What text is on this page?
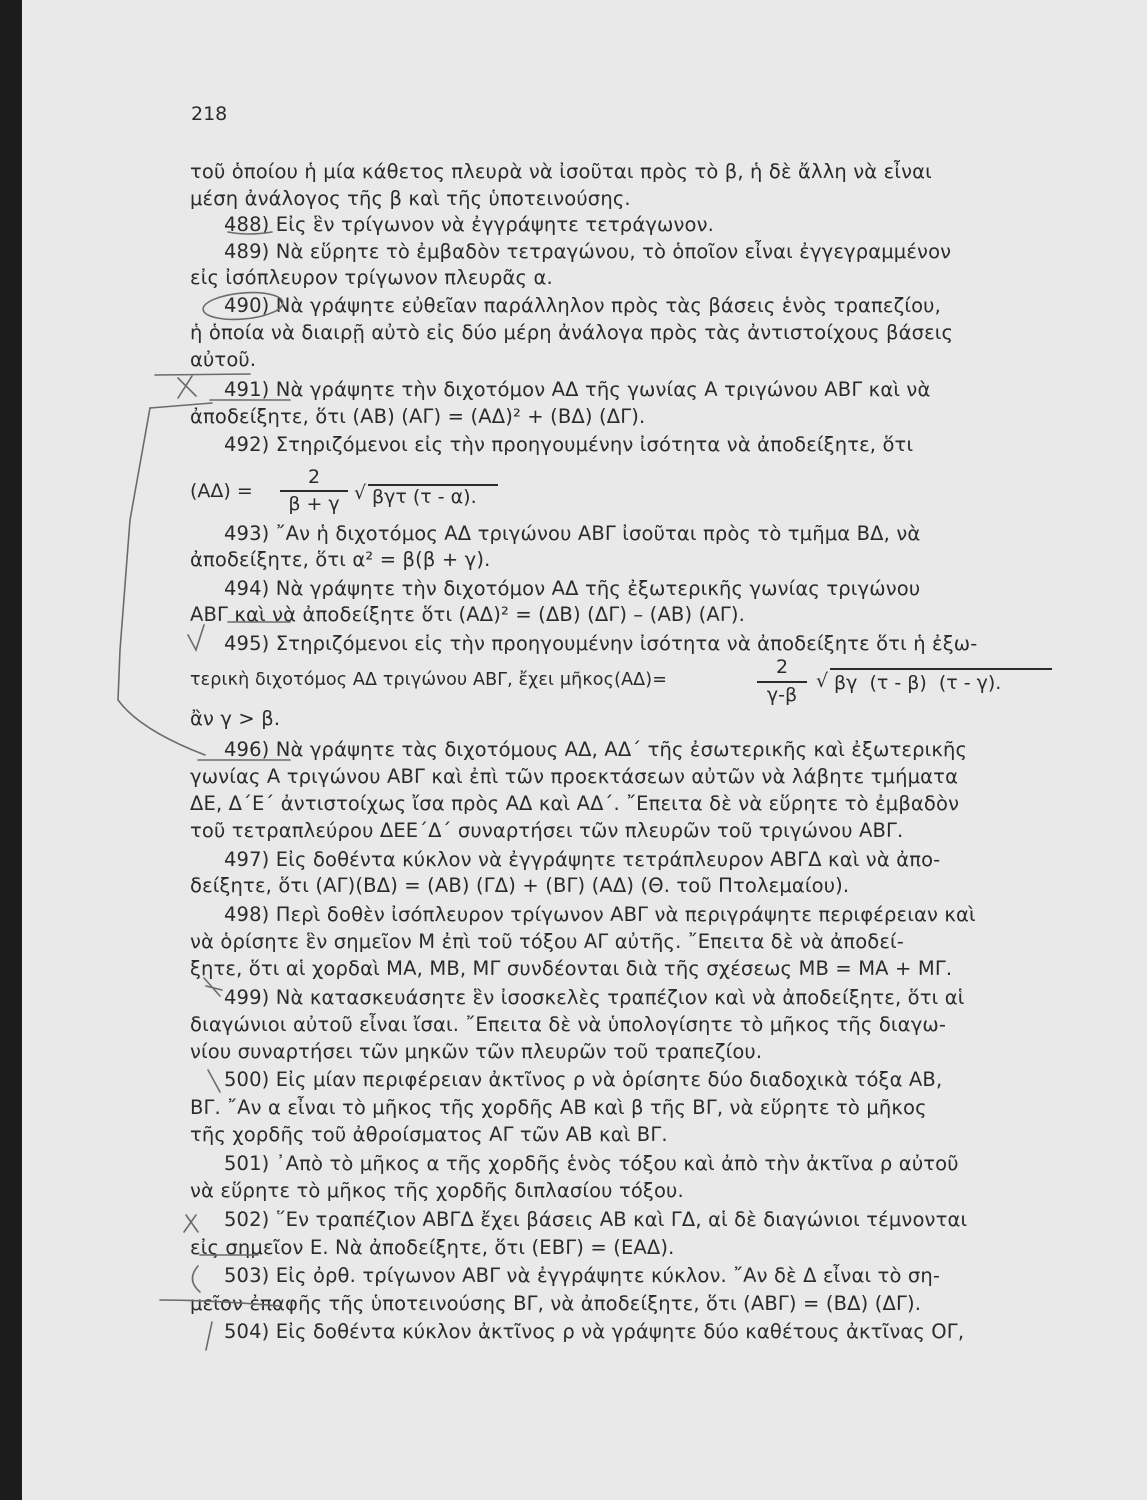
218
τοῦ ὁποίου ἡ μία κάθετος πλευρὰ νὰ ἰσοῦται πρὸς τὸ β, ἡ δὲ ἄλλη νὰ εἶναι
μέση ἀνάλογος τῆς β καὶ τῆς ὑποτεινούσης.
488) Εἰς ἓν τρίγωνον νὰ ἐγγράψητε τετράγωνον.
489) Νὰ εὕρητε τὸ ἐμβαδὸν τετραγώνου, τὸ ὁποῖον εἶναι ἐγγεγραμμένον
εἰς ἰσόπλευρον τρίγωνον πλευρᾶς α.
490) Νὰ γράψητε εὐθεῖαν παράλληλον πρὸς τὰς βάσεις ἑνὸς τραπεζίου,
ἡ ὁποία νὰ διαιρῇ αὐτὸ εἰς δύο μέρη ἀνάλογα πρὸς τὰς ἀντιστοίχους βάσεις
αὐτοῦ.
491) Νὰ γράψητε τὴν διχοτόμον ΑΔ τῆς γωνίας Α τριγώνου ΑΒΓ καὶ νὰ
ἀποδείξητε, ὅτι (ΑΒ) (ΑΓ) = (ΑΔ)² + (ΒΔ) (ΔΓ).
492) Στηριζόμενοι εἰς τὴν προηγουμένην ἰσότητα νὰ ἀποδείξητε, ὅτι
(ΑΔ) =
2
β + γ √ βγτ (τ - α).
493) ῎Αν ἡ διχοτόμος ΑΔ τριγώνου ΑΒΓ ἰσοῦται πρὸς τὸ τμῆμα ΒΔ, νὰ
ἀποδείξητε, ὅτι α² = β(β + γ).
494) Νὰ γράψητε τὴν διχοτόμον ΑΔ τῆς ἐξωτερικῆς γωνίας τριγώνου
ΑΒΓ καὶ νὰ ἀποδείξητε ὅτι (ΑΔ)² = (ΔΒ) (ΔΓ) – (ΑΒ) (ΑΓ).
495) Στηριζόμενοι εἰς τὴν προηγουμένην ἰσότητα νὰ ἀποδείξητε ὅτι ἡ ἐξω-
τερικὴ διχοτόμος ΑΔ τριγώνου ΑΒΓ, ἔχει μῆκος(ΑΔ)=
2
γ-β
√ βγ  (τ - β)  (τ - γ).
ἂν γ > β.
496) Νὰ γράψητε τὰς διχοτόμους ΑΔ, ΑΔ΄ τῆς ἐσωτερικῆς καὶ ἐξωτερικῆς
γωνίας Α τριγώνου ΑΒΓ καὶ ἐπὶ τῶν προεκτάσεων αὐτῶν νὰ λάβητε τμήματα
ΔΕ, Δ΄Ε΄ ἀντιστοίχως ἴσα πρὸς ΑΔ καὶ ΑΔ΄. ῎Επειτα δὲ νὰ εὕρητε τὸ ἐμβαδὸν
τοῦ τετραπλεύρου ΔΕΕ΄Δ΄ συναρτήσει τῶν πλευρῶν τοῦ τριγώνου ΑΒΓ.
497) Εἰς δοθέντα κύκλον νὰ ἐγγράψητε τετράπλευρον ΑΒΓΔ καὶ νὰ ἀπο-
δείξητε, ὅτι (ΑΓ)(ΒΔ) = (ΑΒ) (ΓΔ) + (ΒΓ) (ΑΔ) (Θ. τοῦ Πτολεμαίου).
498) Περὶ δοθὲν ἰσόπλευρον τρίγωνον ΑΒΓ νὰ περιγράψητε περιφέρειαν καὶ
νὰ ὁρίσητε ἓν σημεῖον Μ ἐπὶ τοῦ τόξου ΑΓ αὐτῆς. ῎Επειτα δὲ νὰ ἀποδεί-
ξητε, ὅτι αἱ χορδαὶ ΜΑ, ΜΒ, ΜΓ συνδέονται διὰ τῆς σχέσεως ΜΒ = ΜΑ + ΜΓ.
499) Νὰ κατασκευάσητε ἓν ἰσοσκελὲς τραπέζιον καὶ νὰ ἀποδείξητε, ὅτι αἱ
διαγώνιοι αὐτοῦ εἶναι ἴσαι. ῎Επειτα δὲ νὰ ὑπολογίσητε τὸ μῆκος τῆς διαγω-
νίου συναρτήσει τῶν μηκῶν τῶν πλευρῶν τοῦ τραπεζίου.
500) Εἰς μίαν περιφέρειαν ἀκτῖνος ρ νὰ ὁρίσητε δύο διαδοχικὰ τόξα ΑΒ,
ΒΓ. ῎Αν α εἶναι τὸ μῆκος τῆς χορδῆς ΑΒ καὶ β τῆς ΒΓ, νὰ εὕρητε τὸ μῆκος
τῆς χορδῆς τοῦ ἀθροίσματος ΑΓ τῶν ΑΒ καὶ ΒΓ.
501) ᾿Απὸ τὸ μῆκος α τῆς χορδῆς ἑνὸς τόξου καὶ ἀπὸ τὴν ἀκτῖνα ρ αὐτοῦ
νὰ εὕρητε τὸ μῆκος τῆς χορδῆς διπλασίου τόξου.
502) ῞Εν τραπέζιον ΑΒΓΔ ἔχει βάσεις ΑΒ καὶ ΓΔ, αἱ δὲ διαγώνιοι τέμνονται
εἰς σημεῖον Ε. Νὰ ἀποδείξητε, ὅτι (ΕΒΓ) = (ΕΑΔ).
503) Εἰς ὀρθ. τρίγωνον ΑΒΓ νὰ ἐγγράψητε κύκλον. ῎Αν δὲ Δ εἶναι τὸ ση-
μεῖον ἐπαφῆς τῆς ὑποτεινούσης ΒΓ, νὰ ἀποδείξητε, ὅτι (ΑΒΓ) = (ΒΔ) (ΔΓ).
504) Εἰς δοθέντα κύκλον ἀκτῖνος ρ νὰ γράψητε δύο καθέτους ἀκτῖνας ΟΓ,
